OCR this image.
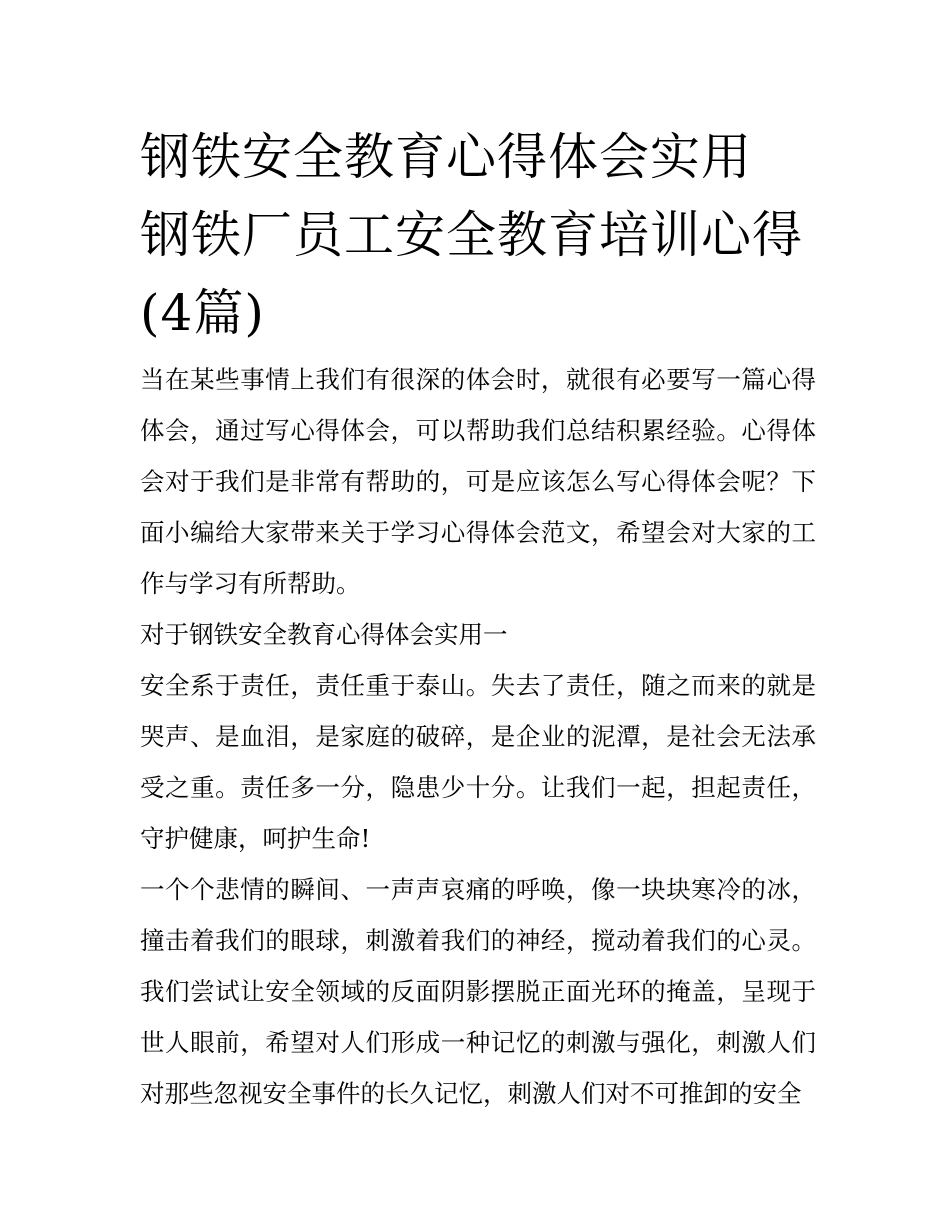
钢铁安全教育心得体会实用 钢铁厂员工安全教育培训心得(4篇)

当在某些事情上我们有很深的体会时，就很有必要写一篇心得体会，通过写心得体会，可以帮助我们总结积累经验。心得体会对于我们是非常有帮助的，可是应该怎么写心得体会呢？下面小编给大家带来关于学习心得体会范文，希望会对大家的工作与学习有所帮助。

对于钢铁安全教育心得体会实用一

安全系于责任，责任重于泰山。失去了责任，随之而来的就是哭声、是血泪，是家庭的破碎，是企业的泥潭，是社会无法承受之重。责任多一分，隐患少十分。让我们一起，担起责任，守护健康，呵护生命!

一个个悲情的瞬间、一声声哀痛的呼唤，像一块块寒冷的冰，撞击着我们的眼球，刺激着我们的神经，搅动着我们的心灵。我们尝试让安全领域的反面阴影摆脱正面光环的掩盖，呈现于世人眼前，希望对人们形成一种记忆的刺激与强化，刺激人们对那些忽视安全事件的长久记忆，刺激人们对不可推卸的安全
